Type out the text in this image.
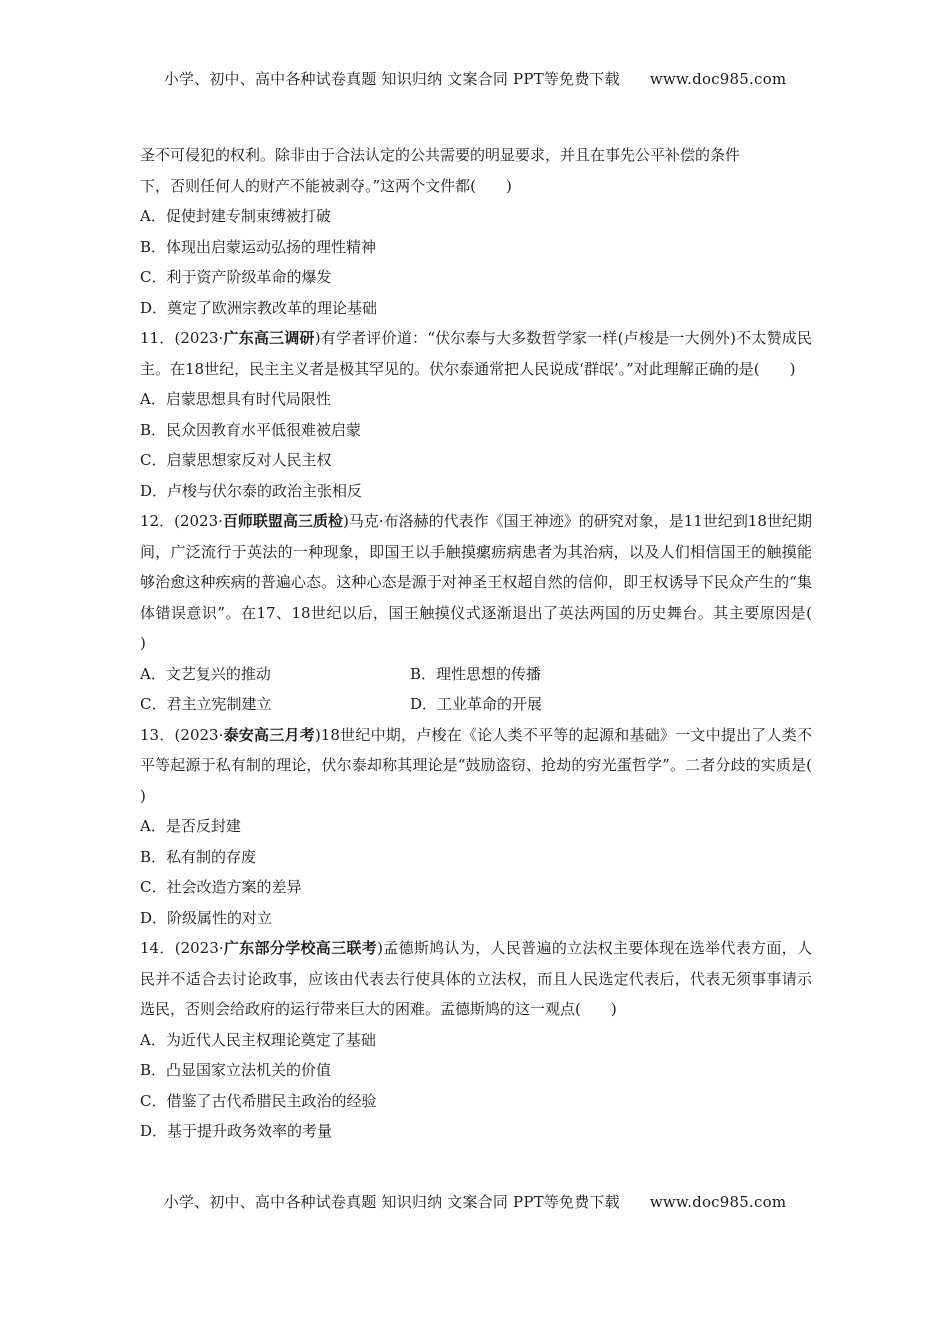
小学、初中、高中各种试卷真题 知识归纳 文案合同 PPT等免费下载 www.doc985.com
圣不可侵犯的权利。除非由于合法认定的公共需要的明显要求，并且在事先公平补偿的条件
下，否则任何人的财产不能被剥夺。”这两个文件都(　　)
A．促使封建专制束缚被打破
B．体现出启蒙运动弘扬的理性精神
C．利于资产阶级革命的爆发
D．奠定了欧洲宗教改革的理论基础
11．(2023·广东高三调研)有学者评价道：“伏尔泰与大多数哲学家一样(卢梭是一大例外)不太赞成民主。在18世纪，民主主义者是极其罕见的。伏尔泰通常把人民说成‘群氓’。”对此理解正确的是(　　)
A．启蒙思想具有时代局限性
B．民众因教育水平低很难被启蒙
C．启蒙思想家反对人民主权
D．卢梭与伏尔泰的政治主张相反
12．(2023·百师联盟高三质检)马克·布洛赫的代表作《国王神迹》的研究对象，是11世纪到18世纪期间，广泛流行于英法的一种现象，即国王以手触摸瘰疬病患者为其治病，以及人们相信国王的触摸能够治愈这种疾病的普遍心态。这种心态是源于对神圣王权超自然的信仰，即王权诱导下民众产生的“集体错误意识”。在17、18世纪以后，国王触摸仪式逐渐退出了英法两国的历史舞台。其主要原因是(　　)
A．文艺复兴的推动	B．理性思想的传播
C．君主立宪制建立	D．工业革命的开展
13．(2023·泰安高三月考)18世纪中期，卢梭在《论人类不平等的起源和基础》一文中提出了人类不平等起源于私有制的理论，伏尔泰却称其理论是“鼓励盗窃、抢劫的穷光蛋哲学”。二者分歧的实质是(　　)
A．是否反封建
B．私有制的存废
C．社会改造方案的差异
D．阶级属性的对立
14．(2023·广东部分学校高三联考)孟德斯鸠认为，人民普遍的立法权主要体现在选举代表方面，人民并不适合去讨论政事，应该由代表去行使具体的立法权，而且人民选定代表后，代表无须事事请示选民，否则会给政府的运行带来巨大的困难。孟德斯鸠的这一观点(　　)
A．为近代人民主权理论奠定了基础
B．凸显国家立法机关的价值
C．借鉴了古代希腊民主政治的经验
D．基于提升政务效率的考量
小学、初中、高中各种试卷真题 知识归纳 文案合同 PPT等免费下载 www.doc985.com
